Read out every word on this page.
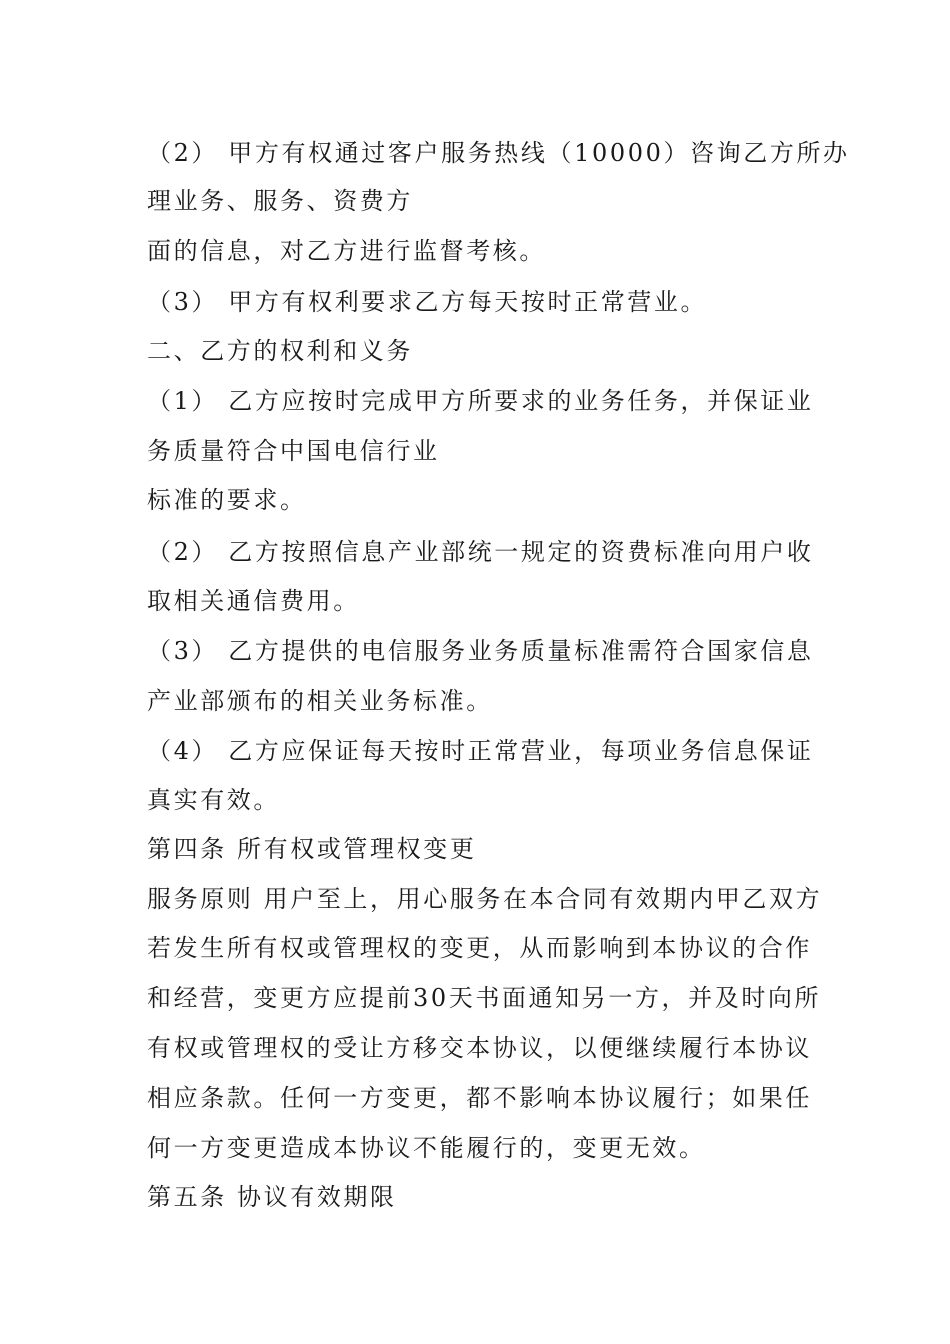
（2） 甲方有权通过客户服务热线（10000）咨询乙方所办

理业务、服务、资费方

面的信息，对乙方进行监督考核。

（3） 甲方有权利要求乙方每天按时正常营业。

二、乙方的权利和义务

（1） 乙方应按时完成甲方所要求的业务任务，并保证业

务质量符合中国电信行业

标准的要求。

（2） 乙方按照信息产业部统一规定的资费标准向用户收

取相关通信费用。

（3） 乙方提供的电信服务业务质量标准需符合国家信息

产业部颁布的相关业务标准。

（4） 乙方应保证每天按时正常营业，每项业务信息保证

真实有效。

第四条 所有权或管理权变更

服务原则 用户至上，用心服务在本合同有效期内甲乙双方

若发生所有权或管理权的变更，从而影响到本协议的合作

和经营，变更方应提前30天书面通知另一方，并及时向所

有权或管理权的受让方移交本协议，以便继续履行本协议

相应条款。任何一方变更，都不影响本协议履行；如果任

何一方变更造成本协议不能履行的，变更无效。

第五条 协议有效期限
